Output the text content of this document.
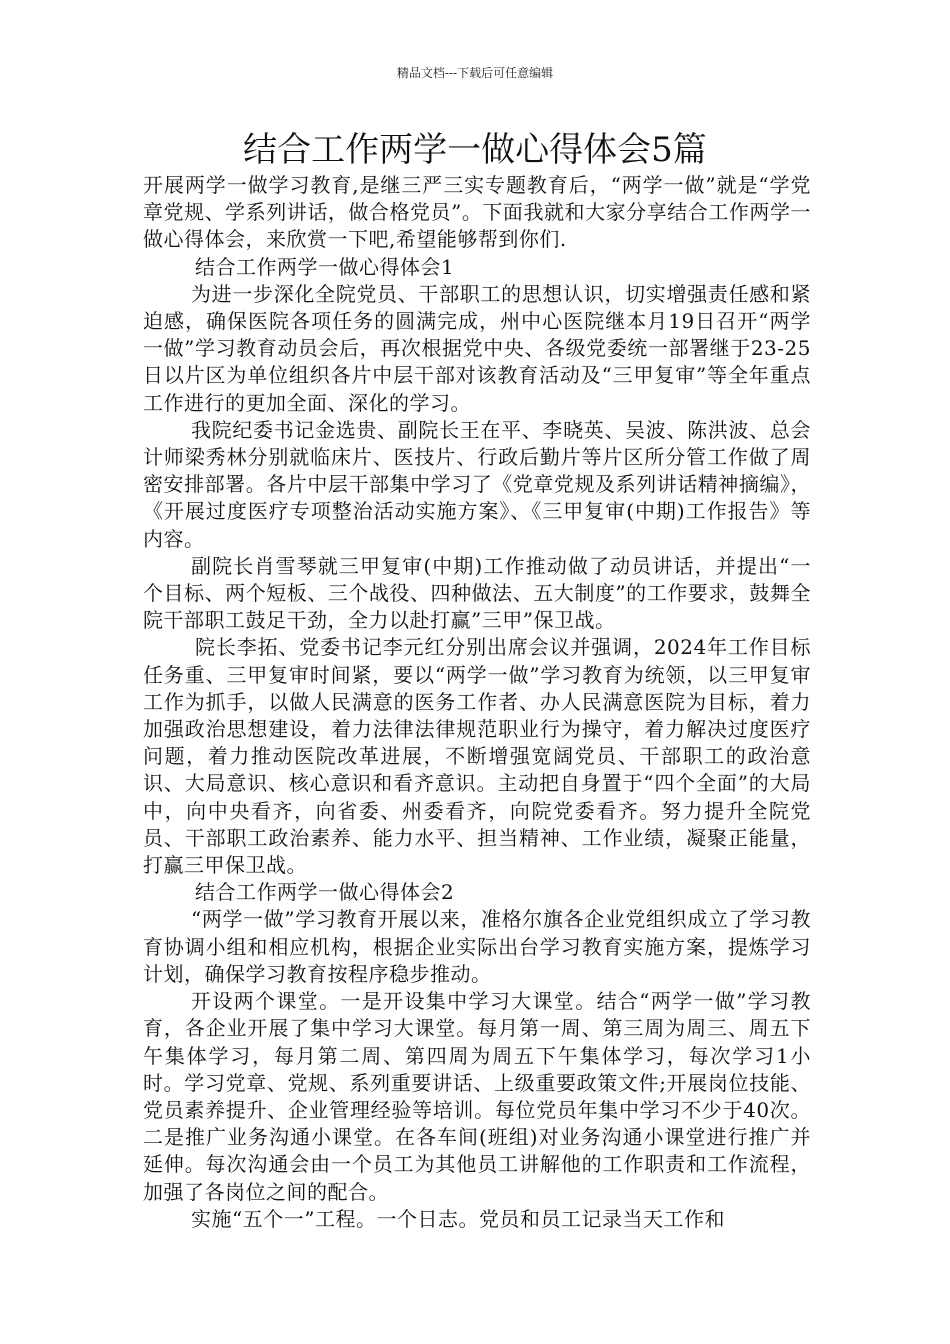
精品文档---下载后可任意编辑
结合工作两学一做心得体会5篇

开展两学一做学习教育,是继三严三实专题教育后，“两学一做”就是“学党章党规、学系列讲话，做合格党员”。下面我就和大家分享结合工作两学一做心得体会，来欣赏一下吧,希望能够帮到你们.

结合工作两学一做心得体会1

为进一步深化全院党员、干部职工的思想认识，切实增强责任感和紧迫感，确保医院各项任务的圆满完成，州中心医院继本月19日召开“两学一做”学习教育动员会后，再次根据党中央、各级党委统一部署继于23-25日以片区为单位组织各片中层干部对该教育活动及“三甲复审”等全年重点工作进行的更加全面、深化的学习。

我院纪委书记金选贵、副院长王在平、李晓英、吴波、陈洪波、总会计师梁秀林分别就临床片、医技片、行政后勤片等片区所分管工作做了周密安排部署。各片中层干部集中学习了《党章党规及系列讲话精神摘编》，《开展过度医疗专项整治活动实施方案》、《三甲复审(中期)工作报告》等内容。

副院长肖雪琴就三甲复审(中期)工作推动做了动员讲话，并提出“一个目标、两个短板、三个战役、四种做法、五大制度”的工作要求，鼓舞全院干部职工鼓足干劲，全力以赴打赢”三甲”保卫战。

院长李拓、党委书记李元红分别出席会议并强调，2024年工作目标任务重、三甲复审时间紧，要以“两学一做”学习教育为统领，以三甲复审工作为抓手，以做人民满意的医务工作者、办人民满意医院为目标，着力加强政治思想建设，着力法律法律规范职业行为操守，着力解决过度医疗问题，着力推动医院改革进展，不断增强宽阔党员、干部职工的政治意识、大局意识、核心意识和看齐意识。主动把自身置于“四个全面”的大局中，向中央看齐，向省委、州委看齐，向院党委看齐。努力提升全院党员、干部职工政治素养、能力水平、担当精神、工作业绩，凝聚正能量，打赢三甲保卫战。

结合工作两学一做心得体会2

“两学一做”学习教育开展以来，准格尔旗各企业党组织成立了学习教育协调小组和相应机构，根据企业实际出台学习教育实施方案，提炼学习计划，确保学习教育按程序稳步推动。

开设两个课堂。一是开设集中学习大课堂。结合“两学一做”学习教育，各企业开展了集中学习大课堂。每月第一周、第三周为周三、周五下午集体学习，每月第二周、第四周为周五下午集体学习，每次学习1小时。学习党章、党规、系列重要讲话、上级重要政策文件;开展岗位技能、党员素养提升、企业管理经验等培训。每位党员年集中学习不少于40次。二是推广业务沟通小课堂。在各车间(班组)对业务沟通小课堂进行推广并延伸。每次沟通会由一个员工为其他员工讲解他的工作职责和工作流程，加强了各岗位之间的配合。

实施“五个一”工程。一个日志。党员和员工记录当天工作和
